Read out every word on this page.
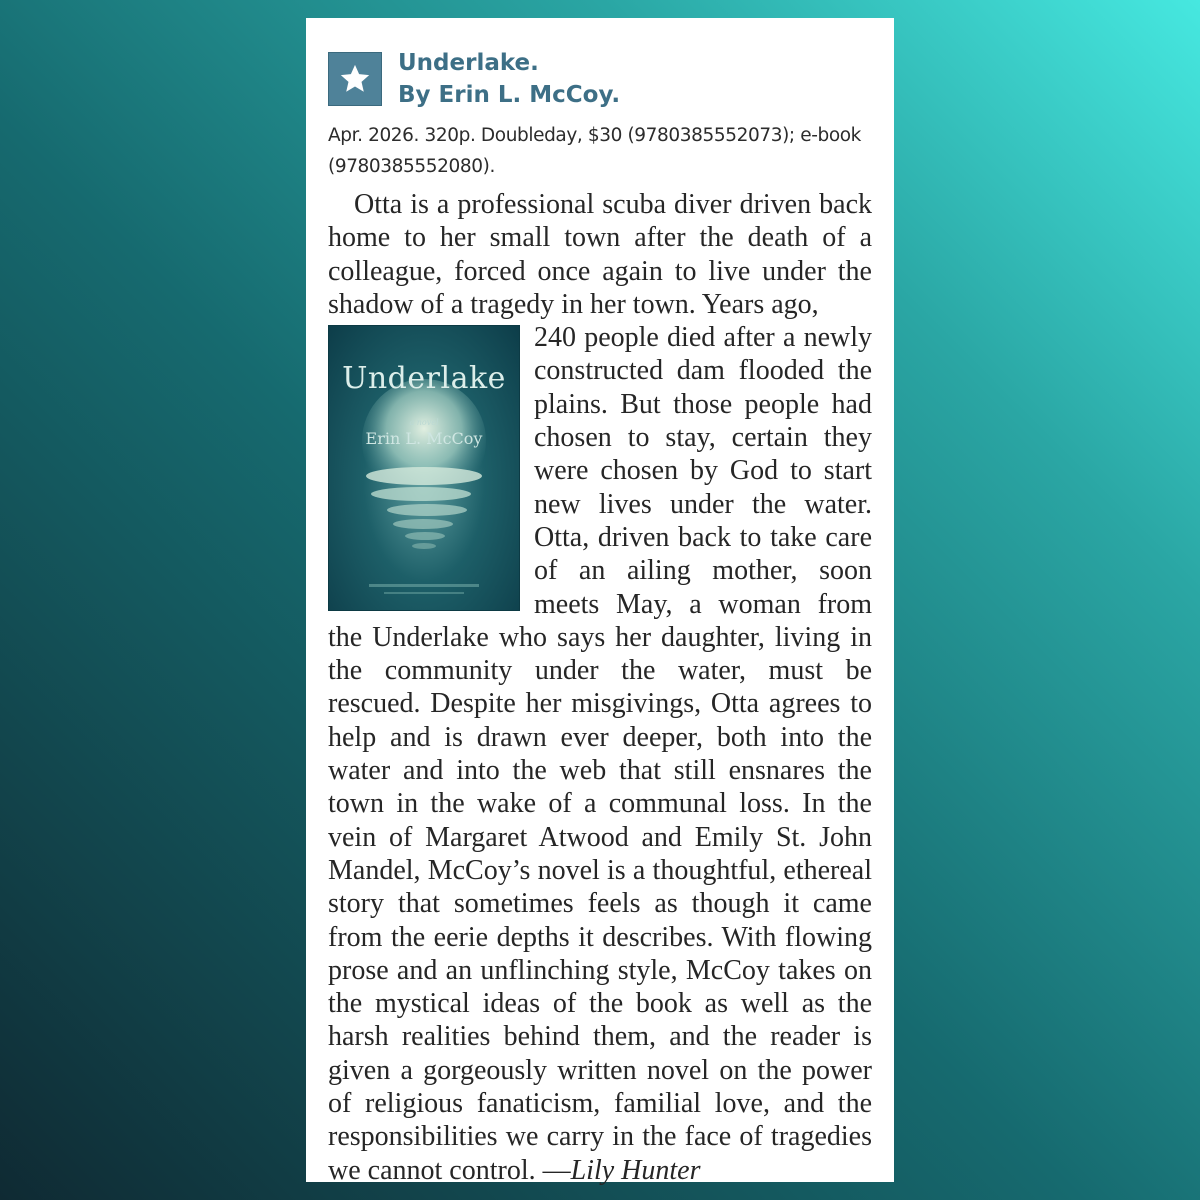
Underlake.
By Erin L. McCoy.
Apr. 2026. 320p. Doubleday, $30 (9780385552073); e-book (9780385552080).
Otta is a professional scuba diver driven back home to her small town after the death of a colleague, forced once again to live under the shadow of a tragedy in her town. Years ago,
Underlake
a novel
Erin L. McCoy
240 people died after a newly constructed dam flooded the plains. But those people had chosen to stay, certain they were chosen by God to start new lives under the water. Otta, driven back to take care of an ailing mother, soon meets May, a woman from the Underlake who says her daughter, living in the community under the water, must be rescued. Despite her misgivings, Otta agrees to help and is drawn ever deeper, both into the water and into the web that still ensnares the town in the wake of a communal loss. In the vein of Margaret Atwood and Emily St. John Mandel, McCoy’s novel is a thoughtful, ethereal story that sometimes feels as though it came from the eerie depths it describes. With flowing prose and an unflinching style, McCoy takes on the mystical ideas of the book as well as the harsh realities behind them, and the reader is given a gorgeously written novel on the power of religious fanaticism, familial love, and the responsibilities we carry in the face of tragedies we cannot control. —Lily Hunter
